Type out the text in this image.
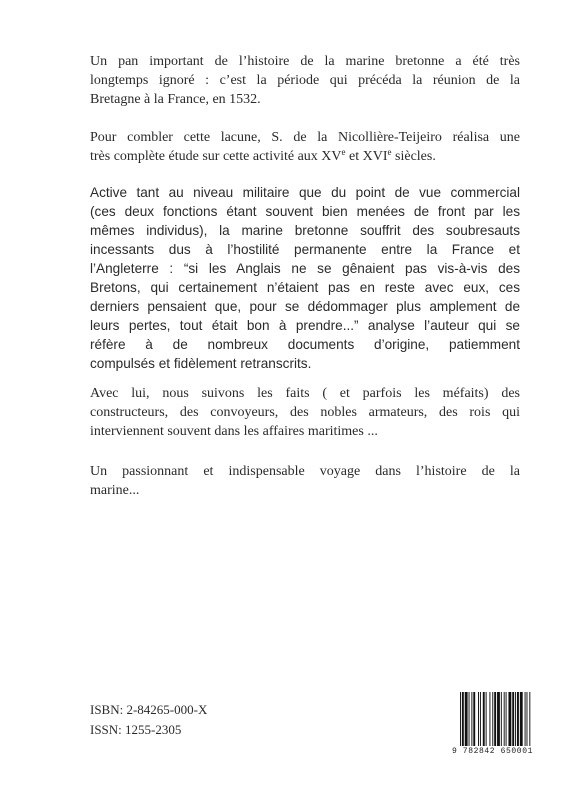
Un pan important de l’histoire de la marine bretonne a été très
longtemps ignoré : c’est la période qui précéda la réunion de la
Bretagne à la France, en 1532.

Pour combler cette lacune, S. de la Nicollière-Teijeiro réalisa une
très complète étude sur cette activité aux XVe et XVIe siècles.

Active tant au niveau militaire que du point de vue commercial
(ces deux fonctions étant souvent bien menées de front par les
mêmes individus), la marine bretonne souffrit des soubresauts
incessants dus à l’hostilité permanente entre la France et
l’Angleterre : “si les Anglais ne se gênaient pas vis-à-vis des
Bretons, qui certainement n’étaient pas en reste avec eux, ces
derniers pensaient que, pour se dédommager plus amplement de
leurs pertes, tout était bon à prendre...” analyse l’auteur qui se
réfère à de nombreux documents d’origine, patiemment
compulsés et fidèlement retranscrits.

Avec lui, nous suivons les faits ( et parfois les méfaits) des
constructeurs, des convoyeurs, des nobles armateurs, des rois qui
interviennent souvent dans les affaires maritimes ...

Un passionnant et indispensable voyage dans l’histoire de la
marine...

ISBN: 2-84265-000-X
ISSN: 1255-2305
9 782842 650001
